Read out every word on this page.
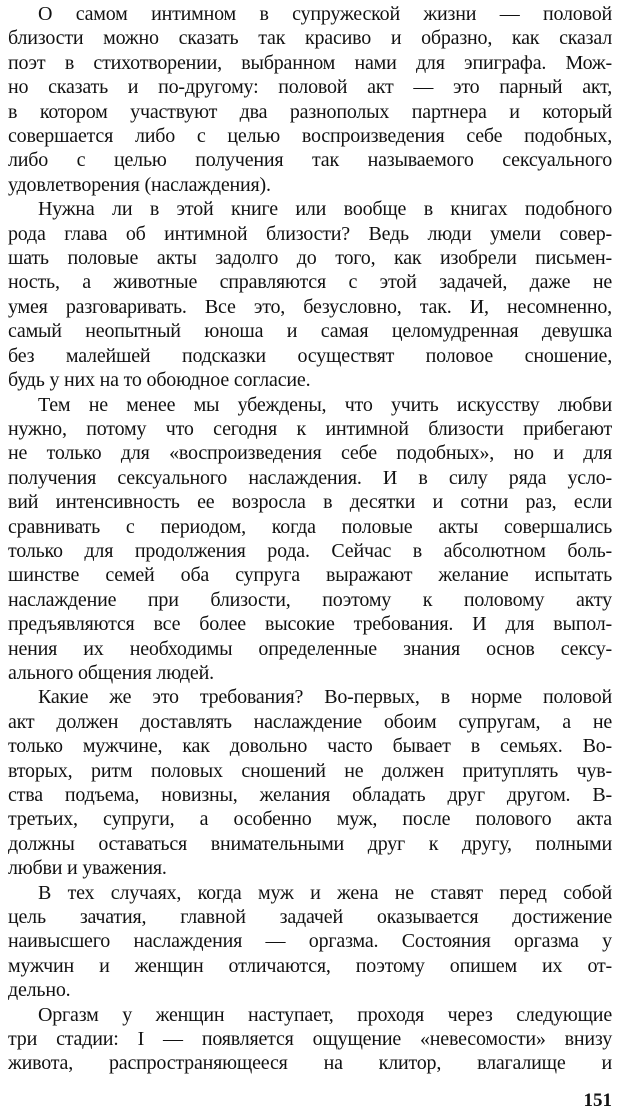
О самом интимном в супружеской жизни — половой
близости можно сказать так красиво и образно, как сказал
поэт в стихотворении, выбранном нами для эпиграфа. Мож-
но сказать и по-другому: половой акт — это парный акт,
в котором участвуют два разнополых партнера и который
совершается либо с целью воспроизведения себе подобных,
либо с целью получения так называемого сексуального
удовлетворения (наслаждения).
Нужна ли в этой книге или вообще в книгах подобного
рода глава об интимной близости? Ведь люди умели совер-
шать половые акты задолго до того, как изобрели письмен-
ность, а животные справляются с этой задачей, даже не
умея разговаривать. Все это, безусловно, так. И, несомненно,
самый неопытный юноша и самая целомудренная девушка
без малейшей подсказки осуществят половое сношение,
будь у них на то обоюдное согласие.
Тем не менее мы убеждены, что учить искусству любви
нужно, потому что сегодня к интимной близости прибегают
не только для «воспроизведения себе подобных», но и для
получения сексуального наслаждения. И в силу ряда усло-
вий интенсивность ее возросла в десятки и сотни раз, если
сравнивать с периодом, когда половые акты совершались
только для продолжения рода. Сейчас в абсолютном боль-
шинстве семей оба супруга выражают желание испытать
наслаждение при близости, поэтому к половому акту
предъявляются все более высокие требования. И для выпол-
нения их необходимы определенные знания основ сексу-
ального общения людей.
Какие же это требования? Во-первых, в норме половой
акт должен доставлять наслаждение обоим супругам, а не
только мужчине, как довольно часто бывает в семьях. Во-
вторых, ритм половых сношений не должен притуплять чув-
ства подъема, новизны, желания обладать друг другом. В-
третьих, супруги, а особенно муж, после полового акта
должны оставаться внимательными друг к другу, полными
любви и уважения.
В тех случаях, когда муж и жена не ставят перед собой
цель зачатия, главной задачей оказывается достижение
наивысшего наслаждения — оргазма. Состояния оргазма у
мужчин и женщин отличаются, поэтому опишем их от-
дельно.
Оргазм у женщин наступает, проходя через следующие
три стадии: I — появляется ощущение «невесомости» внизу
живота, распространяющееся на клитор, влагалище и
151
